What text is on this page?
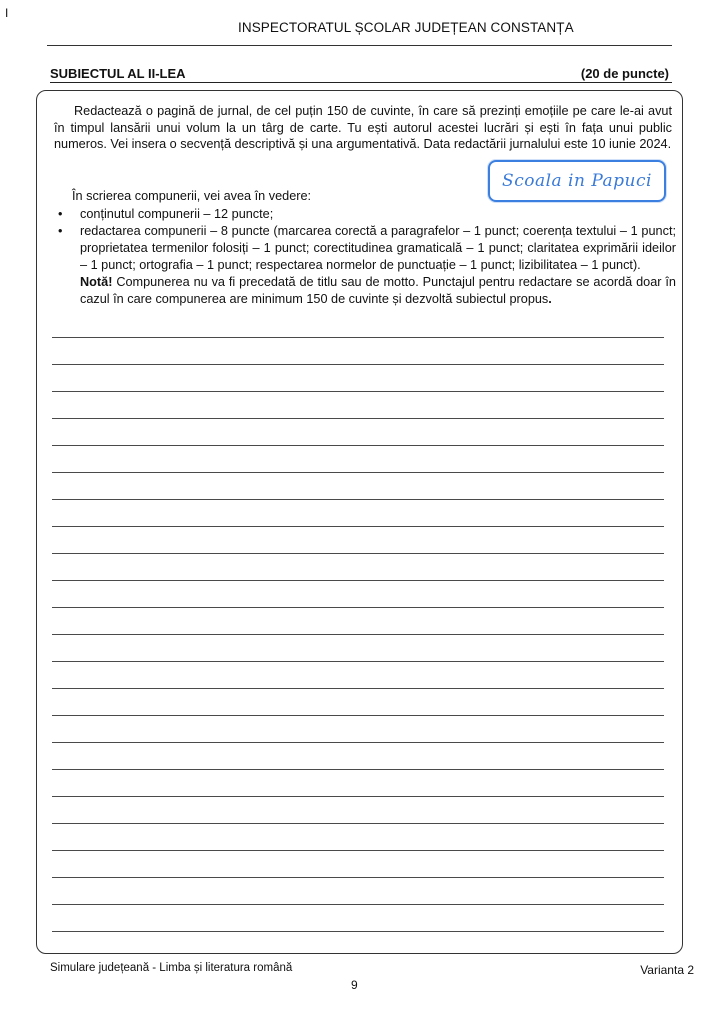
I
INSPECTORATUL ȘCOLAR JUDEȚEAN CONSTANȚA
SUBIECTUL AL II-LEA	(20 de puncte)
Redactează o pagină de jurnal, de cel puțin 150 de cuvinte, în care să prezinți emoțiile pe care le-ai avut în timpul lansării unui volum la un târg de carte. Tu ești autorul acestei lucrări și ești în fața unui public numeros. Vei insera o secvență descriptivă și una argumentativă. Data redactării jurnalului este 10 iunie 2024.
Scoala in Papuci
În scrierea compunerii, vei avea în vedere:
• conținutul compunerii – 12 puncte;
• redactarea compunerii – 8 puncte (marcarea corectă a paragrafelor – 1 punct; coerența textului – 1 punct; proprietatea termenilor folosiți – 1 punct; corectitudinea gramaticală – 1 punct; claritatea exprimării ideilor – 1 punct; ortografia – 1 punct; respectarea normelor de punctuație – 1 punct; lizibilitatea – 1 punct).
Notă! Compunerea nu va fi precedată de titlu sau de motto. Punctajul pentru redactare se acordă doar în cazul în care compunerea are minimum 150 de cuvinte și dezvoltă subiectul propus.
Simulare județeană - Limba și literatura română	Varianta 2
9
